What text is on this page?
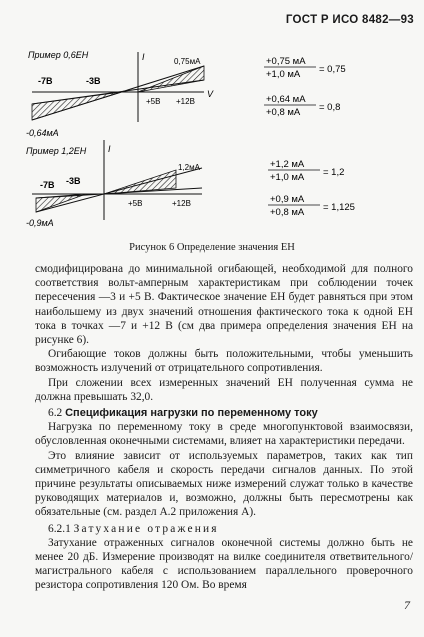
ГОСТ Р ИСО 8482—93
Пример 0,6ЕН	I
V
-7В	-3В
+5В +12В
0,75мА
-0,64мА
Пример 1,2ЕН I
-7В -3В
+5В	+12В
1,2мА
-0,9мА
+0,75 мА
+1,0 мА = 0,75
+0,64 мА
+0,8 мА = 0,8
+1,2 мА
+1,0 мА = 1,2
+0,9 мА
+0,8 мА = 1,125
Рисунок 6 Определение значения ЕН

смодифицирована до минимальной огибающей, необходимой для полного соответствия вольт-амперным характеристикам при соблюдении точек пересечения —3 и +5 В. Фактическое значение ЕН будет равняться при этом наибольшему из двух значений отношения фактического тока к одной ЕН тока в точках —7 и +12 В (см два примера определения значения ЕН на рисунке 6).

Огибающие токов должны быть положительными, чтобы уменьшить возможность излучений от отрицательного сопротивления.

При сложении всех измеренных значений ЕН полученная сумма не должна превышать 32,0.

6.2 Спецификация нагрузки по переменному току

Нагрузка по переменному току в среде многопунктовой взаимосвязи, обусловленная оконечными системами, влияет на характеристики передачи.

Это влияние зависит от используемых параметров, таких как тип симметричного кабеля и скорость передачи сигналов данных. По этой причине результаты описываемых ниже измерений служат только в качестве руководящих материалов и, возможно, должны быть пересмотрены как обязательные (см. раздел А.2 приложения А).

6.2.1 Затухание отражения

Затухание отраженных сигналов оконечной системы должно быть не менее 20 дБ. Измерение производят на вилке соединителя ответвительного/магистрального кабеля с использованием параллельного проверочного резистора сопротивления 120 Ом. Во время

7
